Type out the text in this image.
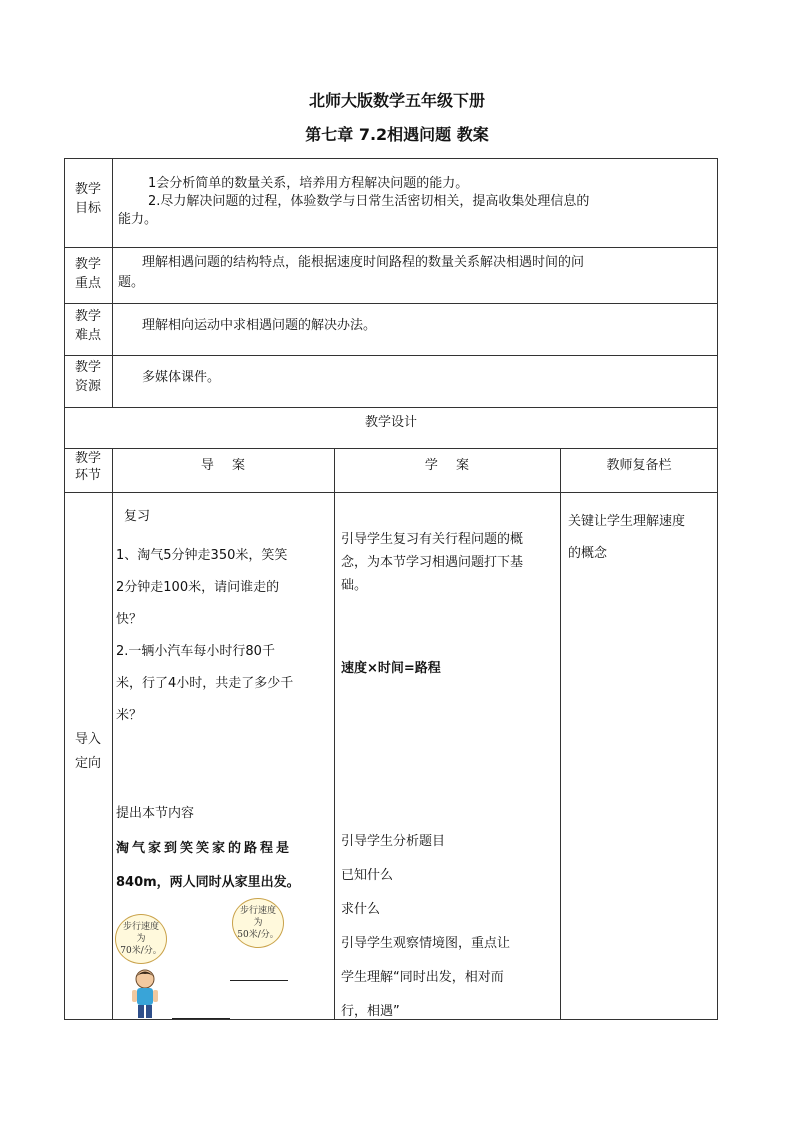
北师大版数学五年级下册
第七章 7.2相遇问题 教案
教学
目标
1会分析简单的数量关系，培养用方程解决问题的能力。
2.尽力解决问题的过程，体验数学与日常生活密切相关，提高收集处理信息的
能力。
教学
重点
理解相遇问题的结构特点，能根据速度时间路程的数量关系解决相遇时间的问
题。
教学
难点
理解相向运动中求相遇问题的解决办法。
教学
资源
多媒体课件。
教学设计
教学
环节
导 案	学 案	教师复备栏
导入
定向
复习
1、淘气5分钟走350米，笑笑
2分钟走100米，请问谁走的
快？
2.一辆小汽车每小时行80千
米，行了4小时，共走了多少千
米？
提出本节内容
淘气家到笑笑家的路程是
840m，两人同时从家里出发。
步行速度为
70米/分。
步行速度为
50米/分。
引导学生复习有关行程问题的概
念，为本节学习相遇问题打下基
础。
速度×时间=路程
引导学生分析题目
已知什么
求什么
引导学生观察情境图，重点让
学生理解“同时出发，相对而
行，相遇”
关键让学生理解速度
的概念
